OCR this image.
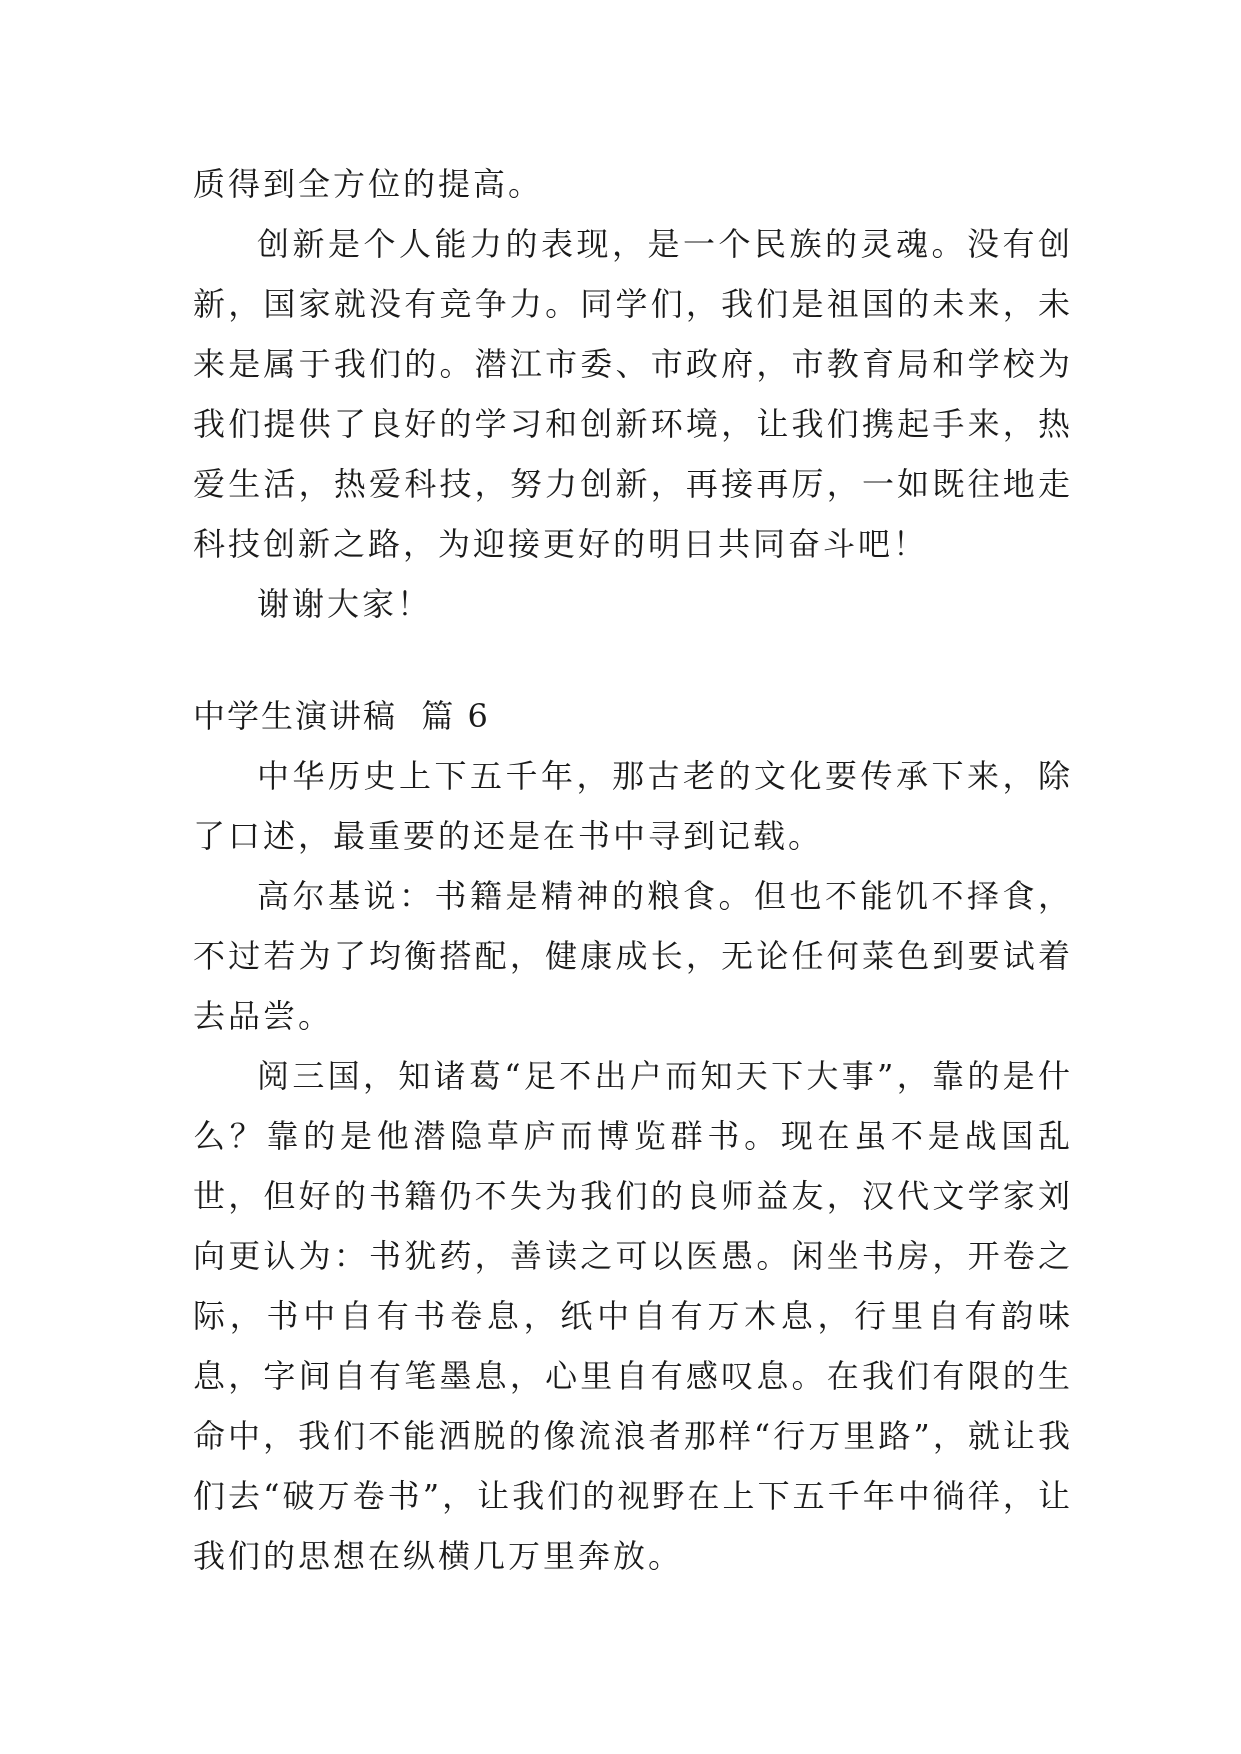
质得到全方位的提高。

创新是个人能力的表现，是一个民族的灵魂。没有创新，国家就没有竞争力。同学们，我们是祖国的未来，未来是属于我们的。潜江市委、市政府，市教育局和学校为我们提供了良好的学习和创新环境，让我们携起手来，热爱生活，热爱科技，努力创新，再接再厉，一如既往地走科技创新之路，为迎接更好的明日共同奋斗吧！

谢谢大家！

中学生演讲稿  篇 6

中华历史上下五千年，那古老的文化要传承下来，除了口述，最重要的还是在书中寻到记载。

高尔基说：书籍是精神的粮食。但也不能饥不择食，不过若为了均衡搭配，健康成长，无论任何菜色到要试着去品尝。

阅三国，知诸葛“足不出户而知天下大事”，靠的是什么？靠的是他潜隐草庐而博览群书。现在虽不是战国乱世，但好的书籍仍不失为我们的良师益友，汉代文学家刘向更认为：书犹药，善读之可以医愚。闲坐书房，开卷之际，书中自有书卷息，纸中自有万木息，行里自有韵味息，字间自有笔墨息，心里自有感叹息。在我们有限的生命中，我们不能洒脱的像流浪者那样“行万里路”，就让我们去“破万卷书”，让我们的视野在上下五千年中徜徉，让我们的思想在纵横几万里奔放。
